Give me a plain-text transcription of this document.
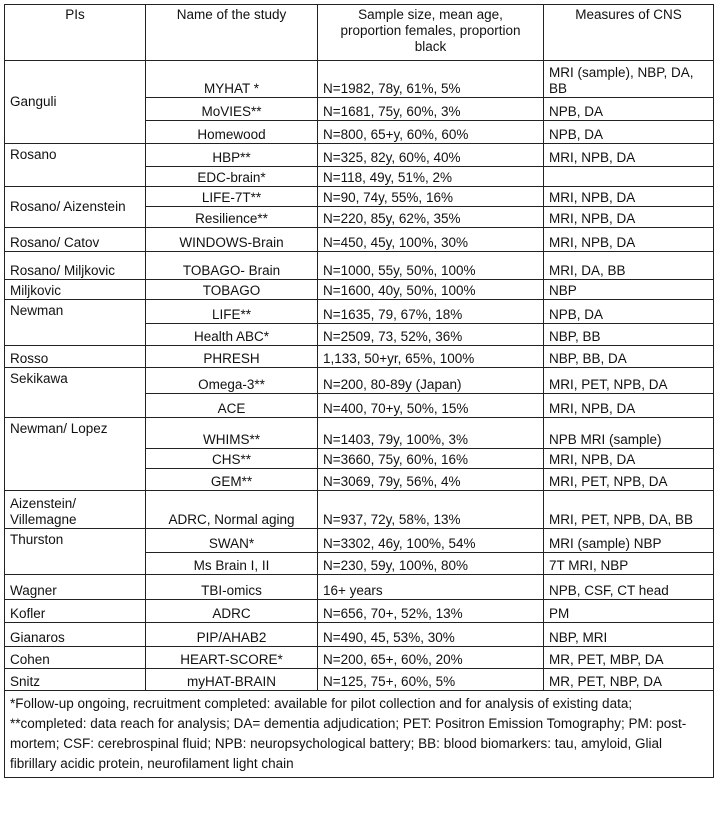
PIs	Name of the study	Sample size, mean age, proportion females, proportion black	Measures of CNS
Ganguli	MYHAT *	N=1982, 78y, 61%, 5%	MRI (sample), NBP, DA, BB
	MoVIES**	N=1681, 75y, 60%, 3%	NPB, DA
	Homewood	N=800, 65+y, 60%, 60%	NPB, DA
Rosano	HBP**	N=325, 82y, 60%, 40%	MRI, NPB, DA
	EDC-brain*	N=118, 49y, 51%, 2%	
Rosano/ Aizenstein	LIFE-7T**	N=90, 74y, 55%, 16%	MRI, NPB, DA
	Resilience**	N=220, 85y, 62%, 35%	MRI, NPB, DA
Rosano/ Catov	WINDOWS-Brain	N=450, 45y, 100%, 30%	MRI, NPB, DA
Rosano/ Miljkovic	TOBAGO- Brain	N=1000, 55y, 50%, 100%	MRI, DA, BB
Miljkovic	TOBAGO	N=1600, 40y, 50%, 100%	NBP
Newman	LIFE**	N=1635, 79, 67%, 18%	NPB, DA
	Health ABC*	N=2509, 73, 52%, 36%	NBP, BB
Rosso	PHRESH	1,133, 50+yr, 65%, 100%	NBP, BB, DA
Sekikawa	Omega-3**	N=200, 80-89y (Japan)	MRI, PET, NPB, DA
	ACE	N=400, 70+y, 50%, 15%	MRI, NPB, DA
Newman/ Lopez	WHIMS**	N=1403, 79y, 100%, 3%	NPB MRI (sample)
	CHS**	N=3660, 75y, 60%, 16%	MRI, NPB, DA
	GEM**	N=3069, 79y, 56%, 4%	MRI, PET, NPB, DA
Aizenstein/ Villemagne	ADRC, Normal aging	N=937, 72y, 58%, 13%	MRI, PET, NPB, DA, BB
Thurston	SWAN*	N=3302, 46y, 100%, 54%	MRI (sample) NBP
	Ms Brain I, II	N=230, 59y, 100%, 80%	7T MRI, NBP
Wagner	TBI-omics	16+ years	NPB, CSF, CT head
Kofler	ADRC	N=656, 70+, 52%, 13%	PM
Gianaros	PIP/AHAB2	N=490, 45, 53%, 30%	NBP, MRI
Cohen	HEART-SCORE*	N=200, 65+, 60%, 20%	MR, PET, MBP, DA
Snitz	myHAT-BRAIN	N=125, 75+, 60%, 5%	MR, PET, NBP, DA
*Follow-up ongoing, recruitment completed: available for pilot collection and for analysis of existing data; **completed: data reach for analysis; DA= dementia adjudication; PET: Positron Emission Tomography; PM: post-mortem; CSF: cerebrospinal fluid; NPB: neuropsychological battery; BB: blood biomarkers: tau, amyloid, Glial fibrillary acidic protein, neurofilament light chain			
